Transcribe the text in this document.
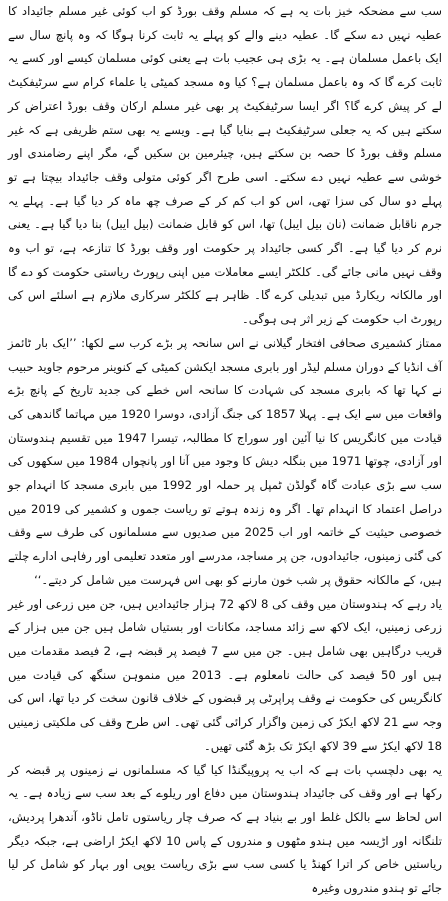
سب سے مضحکہ خیز بات یہ ہے کہ مسلم وقف بورڈ کو اب کوئی غیر مسلم جائیداد کا عطیہ نہیں دے سکے گا۔ عطیہ دینے والے کو پہلے یہ ثابت کرنا ہوگا کہ وہ پانچ سال سے ایک باعمل مسلمان ہے۔ یہ بڑی ہی عجیب بات ہے یعنی کوئی مسلمان کیسے اور کسے یہ ثابت کرے گا کہ وہ باعمل مسلمان ہے؟ کیا وہ مسجد کمیٹی یا علماء کرام سے سرٹیفکیٹ لے کر پیش کرے گا؟ اگر ایسا سرٹیفکیٹ پر بھی غیر مسلم ارکان وقف بورڈ اعتراض کر سکتے ہیں کہ یہ جعلی سرٹیفکیٹ ہے بنایا گیا ہے۔ ویسے یہ بھی ستم ظریفی ہے کہ غیر مسلم وقف بورڈ کا حصہ بن سکتے ہیں، چیئرمین بن سکیں گے، مگر اپنے رضامندی اور خوشی سے عطیہ نہیں دے سکتے۔ اسی طرح اگر کوئی متولی وقف جائیداد بیچتا ہے تو پہلے دو سال کی سزا تھی، اس کو اب کم کر کے صرف چھ ماہ کر دیا گیا ہے۔ پہلے یہ جرم ناقابل ضمانت (نان بیل ایبل) تھا، اس کو قابل ضمانت (بیل ایبل) بنا دیا گیا ہے۔ یعنی نرم کر دیا گیا ہے۔ اگر کسی جائیداد پر حکومت اور وقف بورڈ کا تنازعہ ہے، تو اب وہ وقف نہیں مانی جائے گی۔ کلکٹر ایسے معاملات میں اپنی رپورٹ ریاستی حکومت کو دے گا اور مالکانہ ریکارڈ میں تبدیلی کرے گا۔ ظاہر ہے کلکٹر سرکاری ملازم ہے اسلئے اس کی رپورٹ اب حکومت کے زیر اثر ہی ہوگی۔

ممتاز کشمیری صحافی افتخار گیلانی نے اس سانحہ پر بڑے کرب سے لکھا: ’’ایک بار ٹائمز آف انڈیا کے دوران مسلم لیڈر اور بابری مسجد ایکشن کمیٹی کے کنوینر مرحوم جاوید حبیب نے کہا تھا کہ بابری مسجد کی شہادت کا سانحہ اس خطے کی جدید تاریخ کے پانچ بڑے واقعات میں سے ایک ہے۔ پہلا 1857 کی جنگ آزادی، دوسرا 1920 میں مہاتما گاندھی کی قیادت میں کانگریس کا نیا آئین اور سوراج کا مطالبہ، تیسرا 1947 میں تقسیم ہندوستان اور آزادی، چوتھا 1971 میں بنگلہ دیش کا وجود میں آنا اور پانچواں 1984 میں سکھوں کی سب سے بڑی عبادت گاہ گولڈن ٹمپل پر حملہ اور 1992 میں بابری مسجد کا انہدام جو دراصل اعتماد کا انہدام تھا۔ اگر وہ زندہ ہوتے تو ریاست جموں و کشمیر کی 2019 میں خصوصی حیثیت کے خاتمہ اور اب 2025 میں صدیوں سے مسلمانوں کی طرف سے وقف کی گئی زمینوں، جائیدادوں، جن پر مساجد، مدرسے اور متعدد تعلیمی اور رفاہی ادارے چلتے ہیں، کے مالکانہ حقوق پر شب خون مارنے کو بھی اس فہرست میں شامل کر دیتے۔‘‘

یاد رہے کہ ہندوستان میں وقف کی 8 لاکھ 72 ہزار جائیدادیں ہیں، جن میں زرعی اور غیر زرعی زمینیں، ایک لاکھ سے زائد مساجد، مکانات اور بستیاں شامل ہیں جن میں ہزار کے قریب درگاہیں بھی شامل ہیں۔ جن میں سے 7 فیصد پر قبضہ ہے، 2 فیصد مقدمات میں ہیں اور 50 فیصد کی حالت نامعلوم ہے۔ 2013 میں منموہن سنگھ کی قیادت میں کانگریس کی حکومت نے وقف پراپرٹی پر قبضوں کے خلاف قانون سخت کر دیا تھا، اس کی وجہ سے 21 لاکھ ایکڑ کی زمین واگزار کرائی گئی تھی۔ اس طرح وقف کی ملکیتی زمینیں 18 لاکھ ایکڑ سے 39 لاکھ ایکڑ تک بڑھ گئی تھیں۔

یہ بھی دلچسپ بات ہے کہ اب یہ پروپیگنڈا کیا گیا کہ مسلمانوں نے زمینوں پر قبضہ کر رکھا ہے اور وقف کی جائیداد ہندوستان میں دفاع اور ریلوے کے بعد سب سے زیادہ ہے۔ یہ اس لحاظ سے بالکل غلط اور بے بنیاد ہے کہ صرف چار ریاستوں تامل ناڈو، آندھرا پردیش، تلنگانہ اور اڑیسہ میں ہندو مٹھوں و مندروں کے پاس 10 لاکھ ایکڑ اراضی ہے، جبکہ دیگر ریاستیں خاص کر اترا کھنڈ یا کسی سب سے بڑی ریاست یوپی اور بہار کو شامل کر لیا جائے تو ہندو مندروں وغیرہ
